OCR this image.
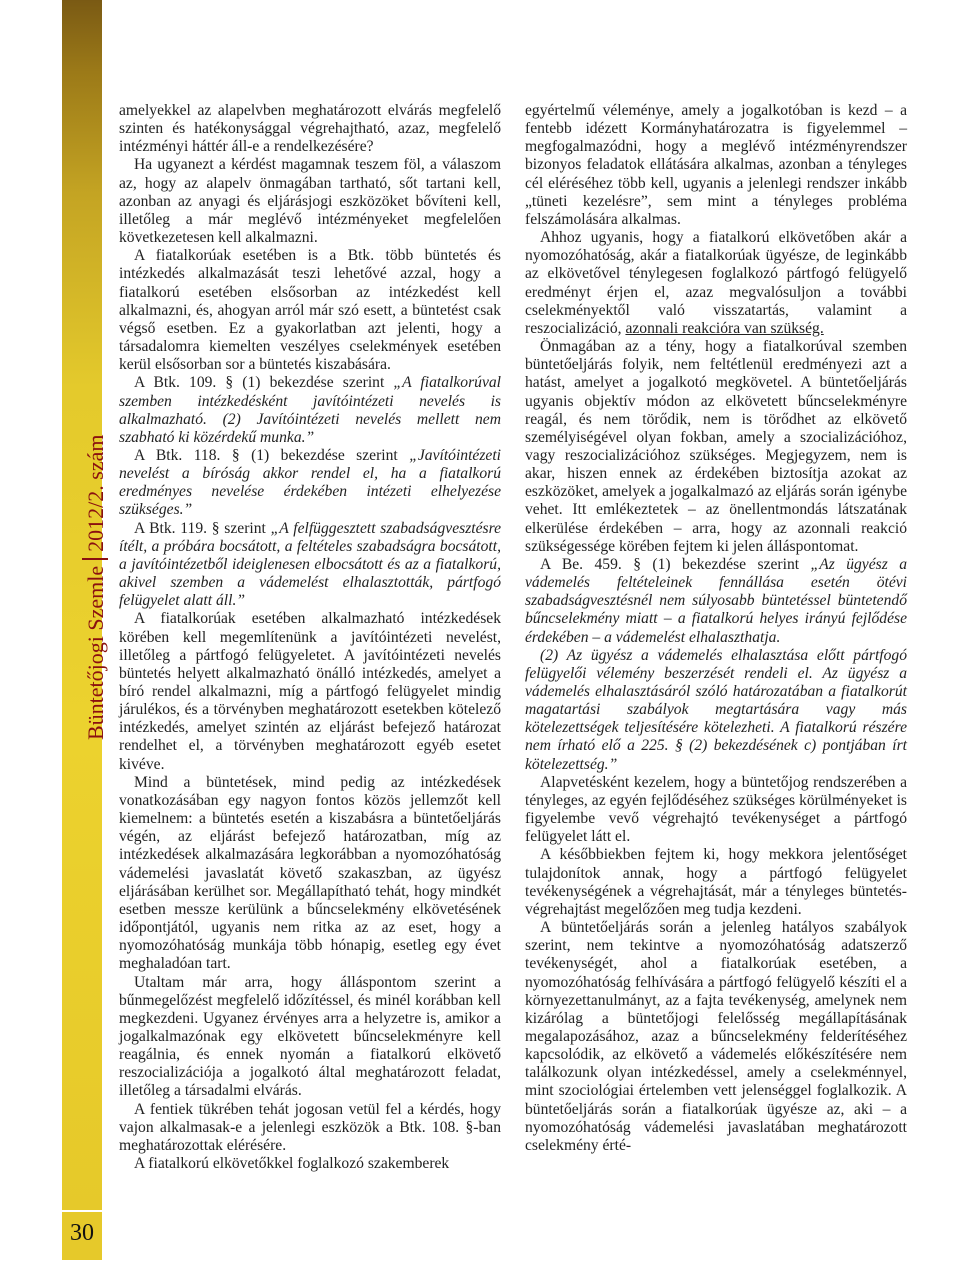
Büntetőjogi Szemle2012/2. szám
30

amelyekkel az alapelvben meghatározott elvárás megfelelő szinten és hatékonysággal végrehajtható, azaz, megfelelő intézményi háttér áll-e a rendelkezésére?

Ha ugyanezt a kérdést magamnak teszem föl, a válaszom az, hogy az alapelv önmagában tartható, sőt tartani kell, azonban az anyagi és eljárásjogi eszközöket bővíteni kell, illetőleg a már meglévő intézményeket megfelelően következetesen kell alkalmazni.

A fiatalkorúak esetében is a Btk. több büntetés és intézkedés alkalmazását teszi lehetővé azzal, hogy a fiatalkorú esetében elsősorban az intézkedést kell alkalmazni, és, ahogyan arról már szó esett, a büntetést csak végső esetben. Ez a gyakorlatban azt jelenti, hogy a társadalomra kiemelten veszélyes cselekmények esetében kerül elsősorban sor a büntetés kiszabására.

A Btk. 109. § (1) bekezdése szerint „A fiatalkorúval szemben intézkedésként javítóintézeti nevelés is alkalmazható. (2) Javítóintézeti nevelés mellett nem szabható ki közérdekű munka.”

A Btk. 118. § (1) bekezdése szerint „Javítóintézeti nevelést a bíróság akkor rendel el, ha a fiatalkorú eredményes nevelése érdekében intézeti elhelyezése szükséges.”

A Btk. 119. § szerint „A felfüggesztett szabadságvesztésre ítélt, a próbára bocsátott, a feltételes szabadságra bocsátott, a javítóintézetből ideiglenesen elbocsátott és az a fiatalkorú, akivel szemben a vádemelést elhalasztották, pártfogó felügyelet alatt áll.”

A fiatalkorúak esetében alkalmazható intézkedések körében kell megemlítenünk a javítóintézeti nevelést, illetőleg a pártfogó felügyeletet. A javítóintézeti nevelés büntetés helyett alkalmazható önálló intézkedés, amelyet a bíró rendel alkalmazni, míg a pártfogó felügyelet mindig járulékos, és a törvényben meghatározott esetekben kötelező intézkedés, amelyet szintén az eljárást befejező határozat rendelhet el, a törvényben meghatározott egyéb esetet kivéve.

Mind a büntetések, mind pedig az intézkedések vonatkozásában egy nagyon fontos közös jellemzőt kell kiemelnem: a büntetés esetén a kiszabásra a büntetőeljárás végén, az eljárást befejező határozatban, míg az intézkedések alkalmazására legkorábban a nyomozóhatóság vádemelési javaslatát követő szakaszban, az ügyész eljárásában kerülhet sor. Megállapítható tehát, hogy mindkét esetben messze kerülünk a bűncselekmény elkövetésének időpontjától, ugyanis nem ritka az az eset, hogy a nyomozóhatóság munkája több hónapig, esetleg egy évet meghaladóan tart.

Utaltam már arra, hogy álláspontom szerint a bűnmegelőzést megfelelő időzítéssel, és minél korábban kell megkezdeni. Ugyanez érvényes arra a helyzetre is, amikor a jogalkalmazónak egy elkövetett bűncselekményre kell reagálnia, és ennek nyomán a fiatalkorú elkövető reszocializációja a jogalkotó által meghatározott feladat, illetőleg a társadalmi elvárás.

A fentiek tükrében tehát jogosan vetül fel a kérdés, hogy vajon alkalmasak-e a jelenlegi eszközök a Btk. 108. §-ban meghatározottak elérésére.

A fiatalkorú elkövetőkkel foglalkozó szakemberek

egyértelmű véleménye, amely a jogalkotóban is kezd – a fentebb idézett Kormányhatározatra is figyelemmel – megfogalmazódni, hogy a meglévő intézményrendszer bizonyos feladatok ellátására alkalmas, azonban a tényleges cél eléréséhez több kell, ugyanis a jelenlegi rendszer inkább „tüneti kezelésre”, sem mint a tényleges probléma felszámolására alkalmas.

Ahhoz ugyanis, hogy a fiatalkorú elkövetőben akár a nyomozóhatóság, akár a fiatalkorúak ügyésze, de leginkább az elkövetővel ténylegesen foglalkozó pártfogó felügyelő eredményt érjen el, azaz megvalósuljon a további cselekményektől való visszatartás, valamint a reszocializáció, azonnali reakcióra van szükség.

Önmagában az a tény, hogy a fiatalkorúval szemben büntetőeljárás folyik, nem feltétlenül eredményezi azt a hatást, amelyet a jogalkotó megkövetel. A büntetőeljárás ugyanis objektív módon az elkövetett bűncselekményre reagál, és nem törődik, nem is törődhet az elkövető személyiségével olyan fokban, amely a szocializációhoz, vagy reszocializációhoz szükséges. Megjegyzem, nem is akar, hiszen ennek az érdekében biztosítja azokat az eszközöket, amelyek a jogalkalmazó az eljárás során igénybe vehet. Itt emlékeztetek – az önellentmondás látszatának elkerülése érdekében – arra, hogy az azonnali reakció szükségessége körében fejtem ki jelen álláspontomat.

A Be. 459. § (1) bekezdése szerint „Az ügyész a vádemelés feltételeinek fennállása esetén ötévi szabadságvesztésnél nem súlyosabb büntetéssel büntetendő bűncselekmény miatt – a fiatalkorú helyes irányú fejlődése érdekében – a vádemelést elhalaszthatja.

(2) Az ügyész a vádemelés elhalasztása előtt pártfogó felügyelői vélemény beszerzését rendeli el. Az ügyész a vádemelés elhalasztásáról szóló határozatában a fiatalkorút magatartási szabályok megtartására vagy más kötelezettségek teljesítésére kötelezheti. A fiatalkorú részére nem írható elő a 225. § (2) bekezdésének c) pontjában írt kötelezettség.”

Alapvetésként kezelem, hogy a büntetőjog rendszerében a tényleges, az egyén fejlődéséhez szükséges körülményeket is figyelembe vevő végrehajtó tevékenységet a pártfogó felügyelet látt el.

A későbbiekben fejtem ki, hogy mekkora jelentőséget tulajdonítok annak, hogy a pártfogó felügyelet tevékenységének a végrehajtását, már a tényleges büntetés-végrehajtást megelőzően meg tudja kezdeni.

A büntetőeljárás során a jelenleg hatályos szabályok szerint, nem tekintve a nyomozóhatóság adatszerző tevékenységét, ahol a fiatalkorúak esetében, a nyomozóhatóság felhívására a pártfogó felügyelő készíti el a környezettanulmányt, az a fajta tevékenység, amelynek nem kizárólag a büntetőjogi felelősség megállapításának megalapozásához, azaz a bűncselekmény felderítéséhez kapcsolódik, az elkövető a vádemelés előkészítésére nem találkozunk olyan intézkedéssel, amely a cselekménnyel, mint szociológiai értelemben vett jelenséggel foglalkozik. A büntetőeljárás során a fiatalkorúak ügyésze az, aki – a nyomozóhatóság vádemelési javaslatában meghatározott cselekmény érté-
